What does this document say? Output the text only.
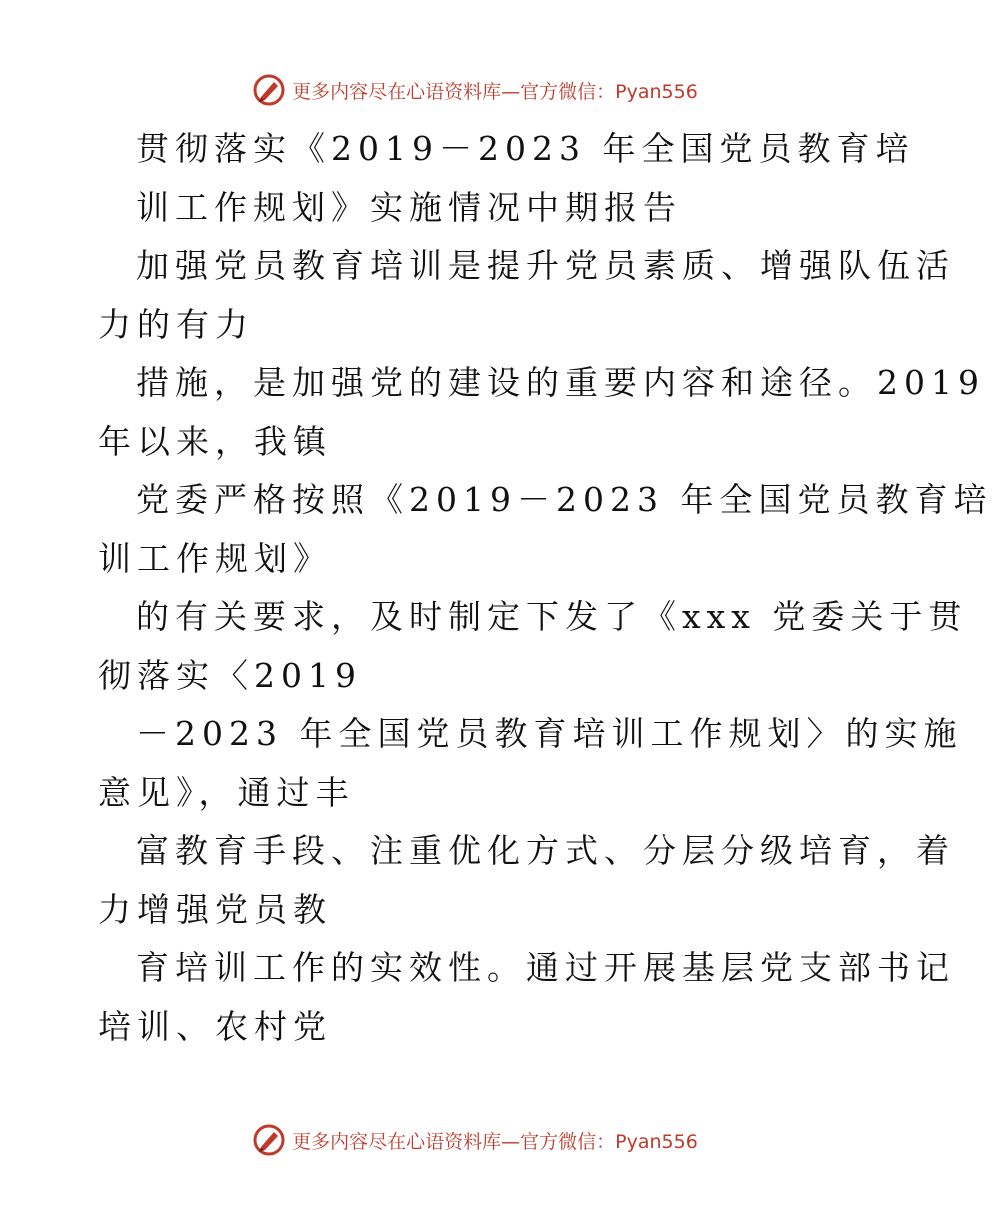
更多内容尽在心语资料库—官方微信：Pyan556
贯彻落实《2019－2023 年全国党员教育培
训工作规划》实施情况中期报告
加强党员教育培训是提升党员素质、增强队伍活
力的有力
措施，是加强党的建设的重要内容和途径。2019
年以来，我镇
党委严格按照《2019－2023 年全国党员教育培
训工作规划》
的有关要求，及时制定下发了《xxx 党委关于贯
彻落实〈2019
－2023 年全国党员教育培训工作规划〉的实施
意见》，通过丰
富教育手段、注重优化方式、分层分级培育，着
力增强党员教
育培训工作的实效性。通过开展基层党支部书记
培训、农村党
更多内容尽在心语资料库—官方微信：Pyan556
